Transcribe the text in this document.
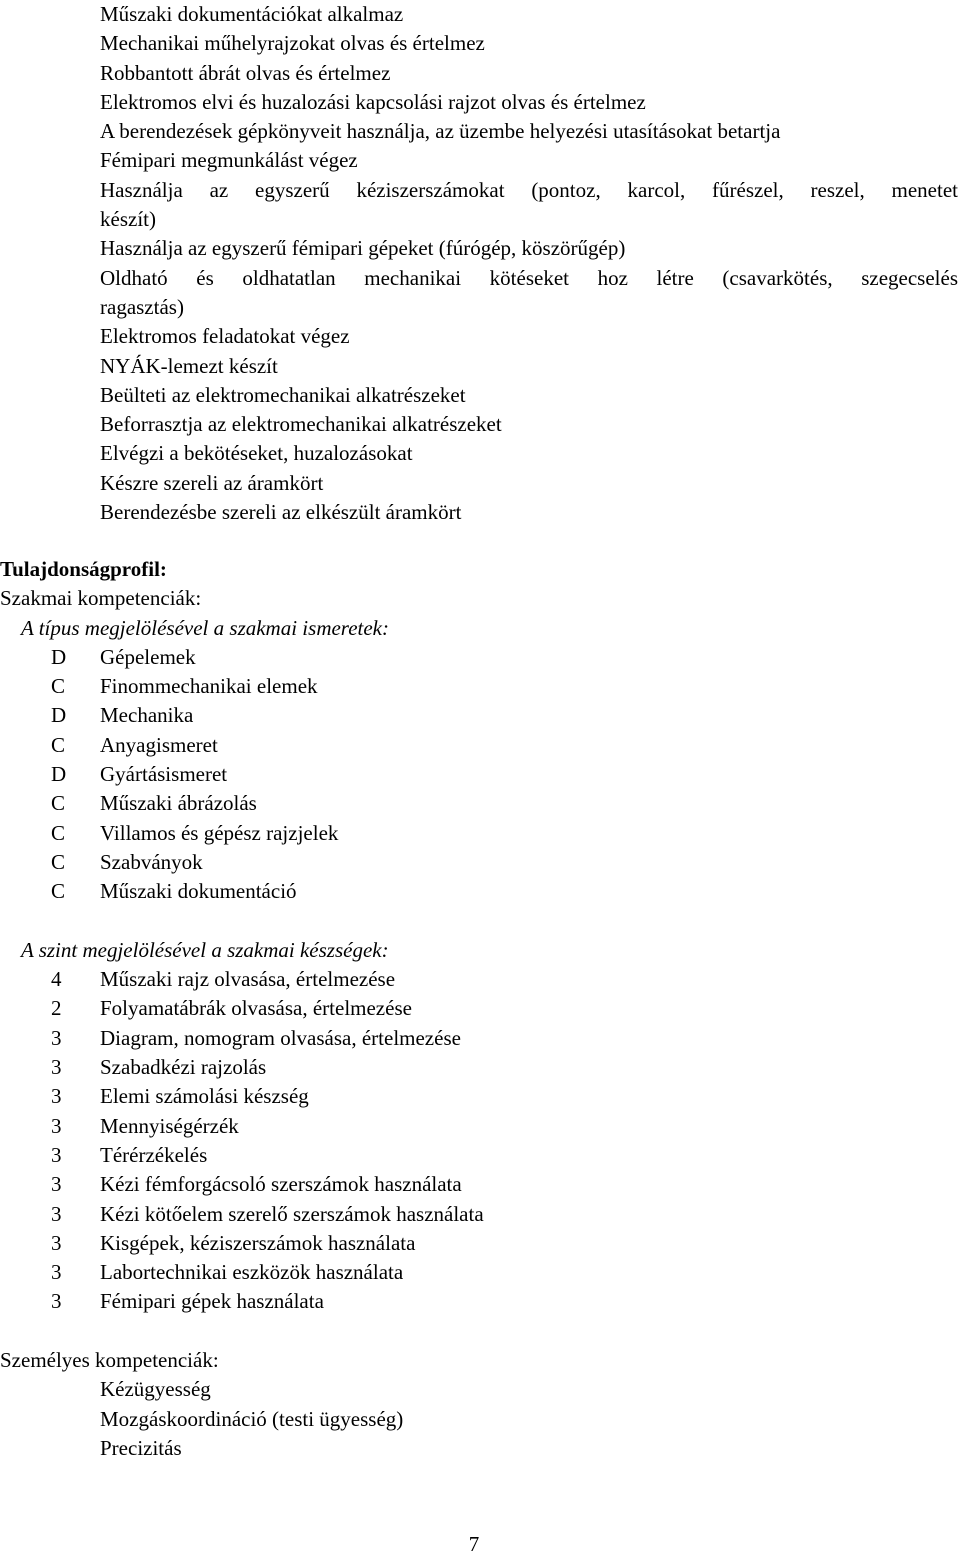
Műszaki dokumentációkat alkalmaz
Mechanikai műhelyrajzokat olvas és értelmez
Robbantott ábrát olvas és értelmez
Elektromos elvi és huzalozási kapcsolási rajzot olvas és értelmez
A berendezések gépkönyveit használja, az üzembe helyezési utasításokat betartja
Fémipari megmunkálást végez
Használja az egyszerű kéziszerszámokat (pontoz, karcol, fűrészel, reszel, menetet
készít)
Használja az egyszerű fémipari gépeket (fúrógép, köszörűgép)
Oldható és oldhatatlan mechanikai kötéseket hoz létre (csavarkötés, szegecselés
ragasztás)
Elektromos feladatokat végez
NYÁK-lemezt készít
Beülteti az elektromechanikai alkatrészeket
Beforrasztja az elektromechanikai alkatrészeket
Elvégzi a bekötéseket, huzalozásokat
Készre szereli az áramkört
Berendezésbe szereli az elkészült áramkört
Tulajdonságprofil:
Szakmai kompetenciák:
A típus megjelölésével a szakmai ismeretek:
D	Gépelemek
C	Finommechanikai elemek
D	Mechanika
C	Anyagismeret
D	Gyártásismeret
C	Műszaki ábrázolás
C	Villamos és gépész rajzjelek
C	Szabványok
C	Műszaki dokumentáció
A szint megjelölésével a szakmai készségek:
4	Műszaki rajz olvasása, értelmezése
2	Folyamatábrák olvasása, értelmezése
3	Diagram, nomogram olvasása, értelmezése
3	Szabadkézi rajzolás
3	Elemi számolási készség
3	Mennyiségérzék
3	Térérzékelés
3	Kézi fémforgácsoló szerszámok használata
3	Kézi kötőelem szerelő szerszámok használata
3	Kisgépek, kéziszerszámok használata
3	Labortechnikai eszközök használata
3	Fémipari gépek használata
Személyes kompetenciák:
Kézügyesség
Mozgáskoordináció (testi ügyesség)
Precizitás
7
